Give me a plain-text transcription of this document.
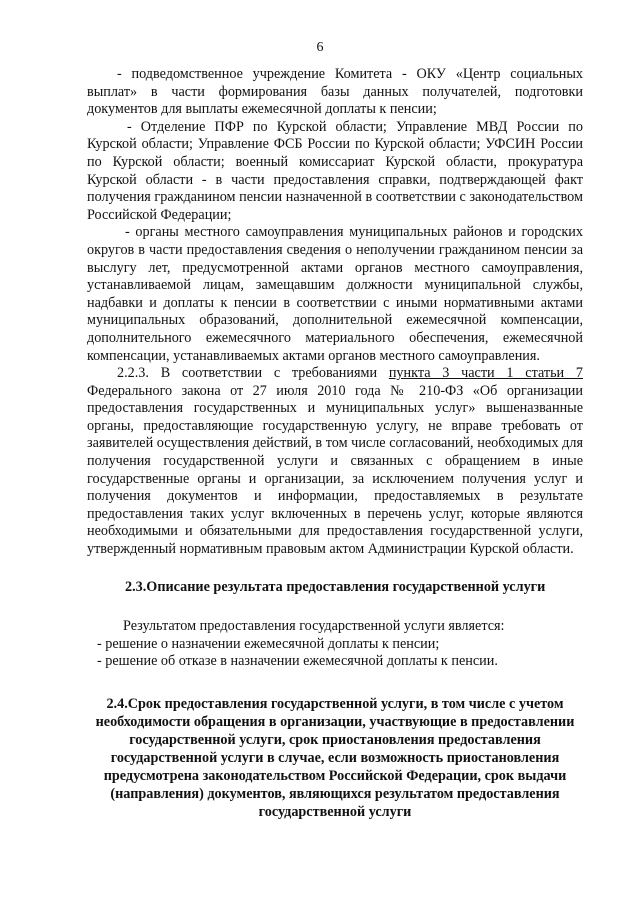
6

- подведомственное учреждение Комитета - ОКУ «Центр социальных выплат» в части формирования базы данных получателей, подготовки документов для выплаты ежемесячной доплаты к пенсии;

- Отделение ПФР по Курской области; Управление МВД России по Курской области; Управление ФСБ России по Курской области; УФСИН России по Курской области; военный комиссариат Курской области, прокуратура Курской области - в части предоставления справки, подтверждающей факт получения гражданином пенсии назначенной в соответствии с законодательством Российской Федерации;

- органы местного самоуправления муниципальных районов и городских округов в части предоставления сведения о неполучении гражданином пенсии за выслугу лет, предусмотренной актами органов местного самоуправления, устанавливаемой лицам, замещавшим должности муниципальной службы, надбавки и доплаты к пенсии в соответствии с иными нормативными актами муниципальных образований, дополнительной ежемесячной компенсации, дополнительного ежемесячного материального обеспечения, ежемесячной компенсации, устанавливаемых актами органов местного самоуправления.

2.2.3. В соответствии с требованиями пункта 3 части 1 статьи 7 Федерального закона от 27 июля 2010 года № 210-ФЗ «Об организации предоставления государственных и муниципальных услуг» вышеназванные органы, предоставляющие государственную услугу, не вправе требовать от заявителей осуществления действий, в том числе согласований, необходимых для получения государственной услуги и связанных с обращением в иные государственные органы и организации, за исключением получения услуг и получения документов и информации, предоставляемых в результате предоставления таких услуг включенных в перечень услуг, которые являются необходимыми и обязательными для предоставления государственной услуги, утвержденный нормативным правовым актом Администрации Курской области.

2.3.Описание результата предоставления государственной услуги

Результатом предоставления государственной услуги является:

- решение о назначении ежемесячной доплаты к пенсии;

- решение об отказе в назначении ежемесячной доплаты к пенсии.

2.4.Срок предоставления государственной услуги, в том числе с учетом необходимости обращения в организации, участвующие в предоставлении государственной услуги, срок приостановления предоставления государственной услуги в случае, если возможность приостановления предусмотрена законодательством Российской Федерации, срок выдачи (направления) документов, являющихся результатом предоставления государственной услуги
